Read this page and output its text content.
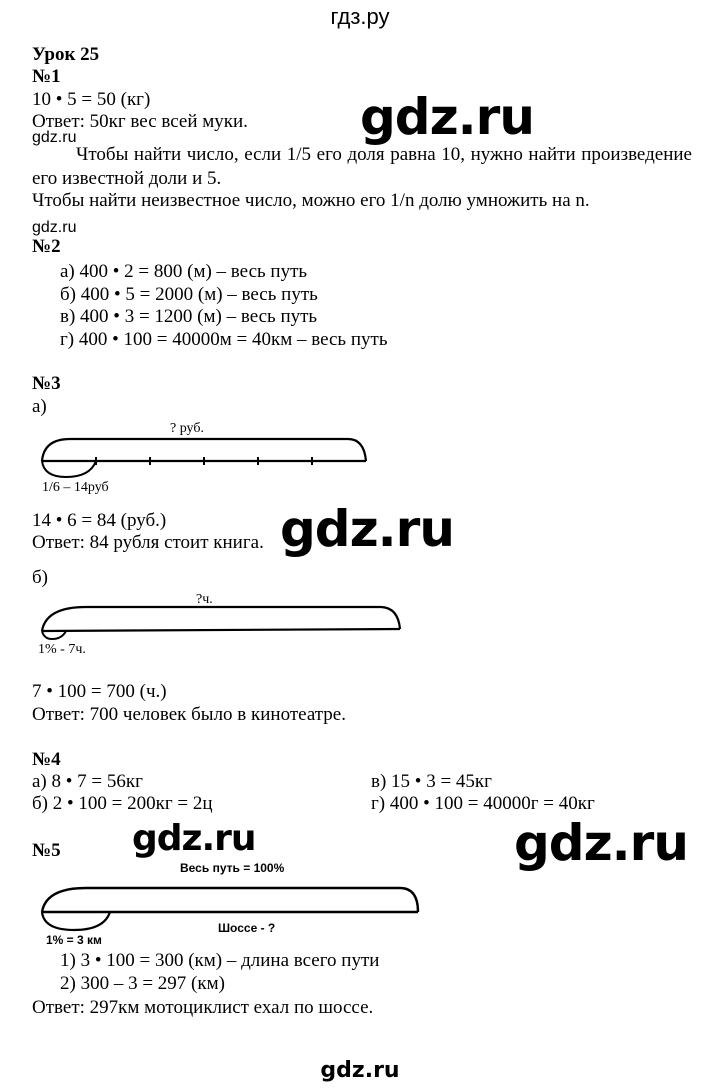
гдз.ру
Урок 25
№1
10 • 5 = 50 (кг)
Ответ: 50кг вес всей муки.
gdz.ru	gdz.ru
Чтобы найти число, если 1/5 его доля равна 10, нужно найти произведение его известной доли и 5.
Чтобы найти неизвестное число, можно его 1/n долю умножить на n.
gdz.ru
№2
а) 400 • 2 = 800 (м) – весь путь
б) 400 • 5 = 2000 (м) – весь путь
в) 400 • 3 = 1200 (м) – весь путь
г) 400 • 100 = 40000м = 40км – весь путь
№3
а)
? руб.
1/6 – 14руб
14 • 6 = 84 (руб.)
Ответ: 84 рубля стоит книга. gdz.ru
б)
?ч.
1% - 7ч.
7 • 100 = 700 (ч.)
Ответ: 700 человек было в кинотеатре.
№4
а) 8 • 7 = 56кг
б) 2 • 100 = 200кг = 2ц
в) 15 • 3 = 45кг
г) 400 • 100 = 40000г = 40кг
№5 gdz.ru	gdz.ru
Весь путь = 100%
1% = 3 км
Шоссе - ?
1) 3 • 100 = 300 (км) – длина всего пути
2) 300 – 3 = 297 (км)
Ответ: 297км мотоциклист ехал по шоссе.
gdz.ru
